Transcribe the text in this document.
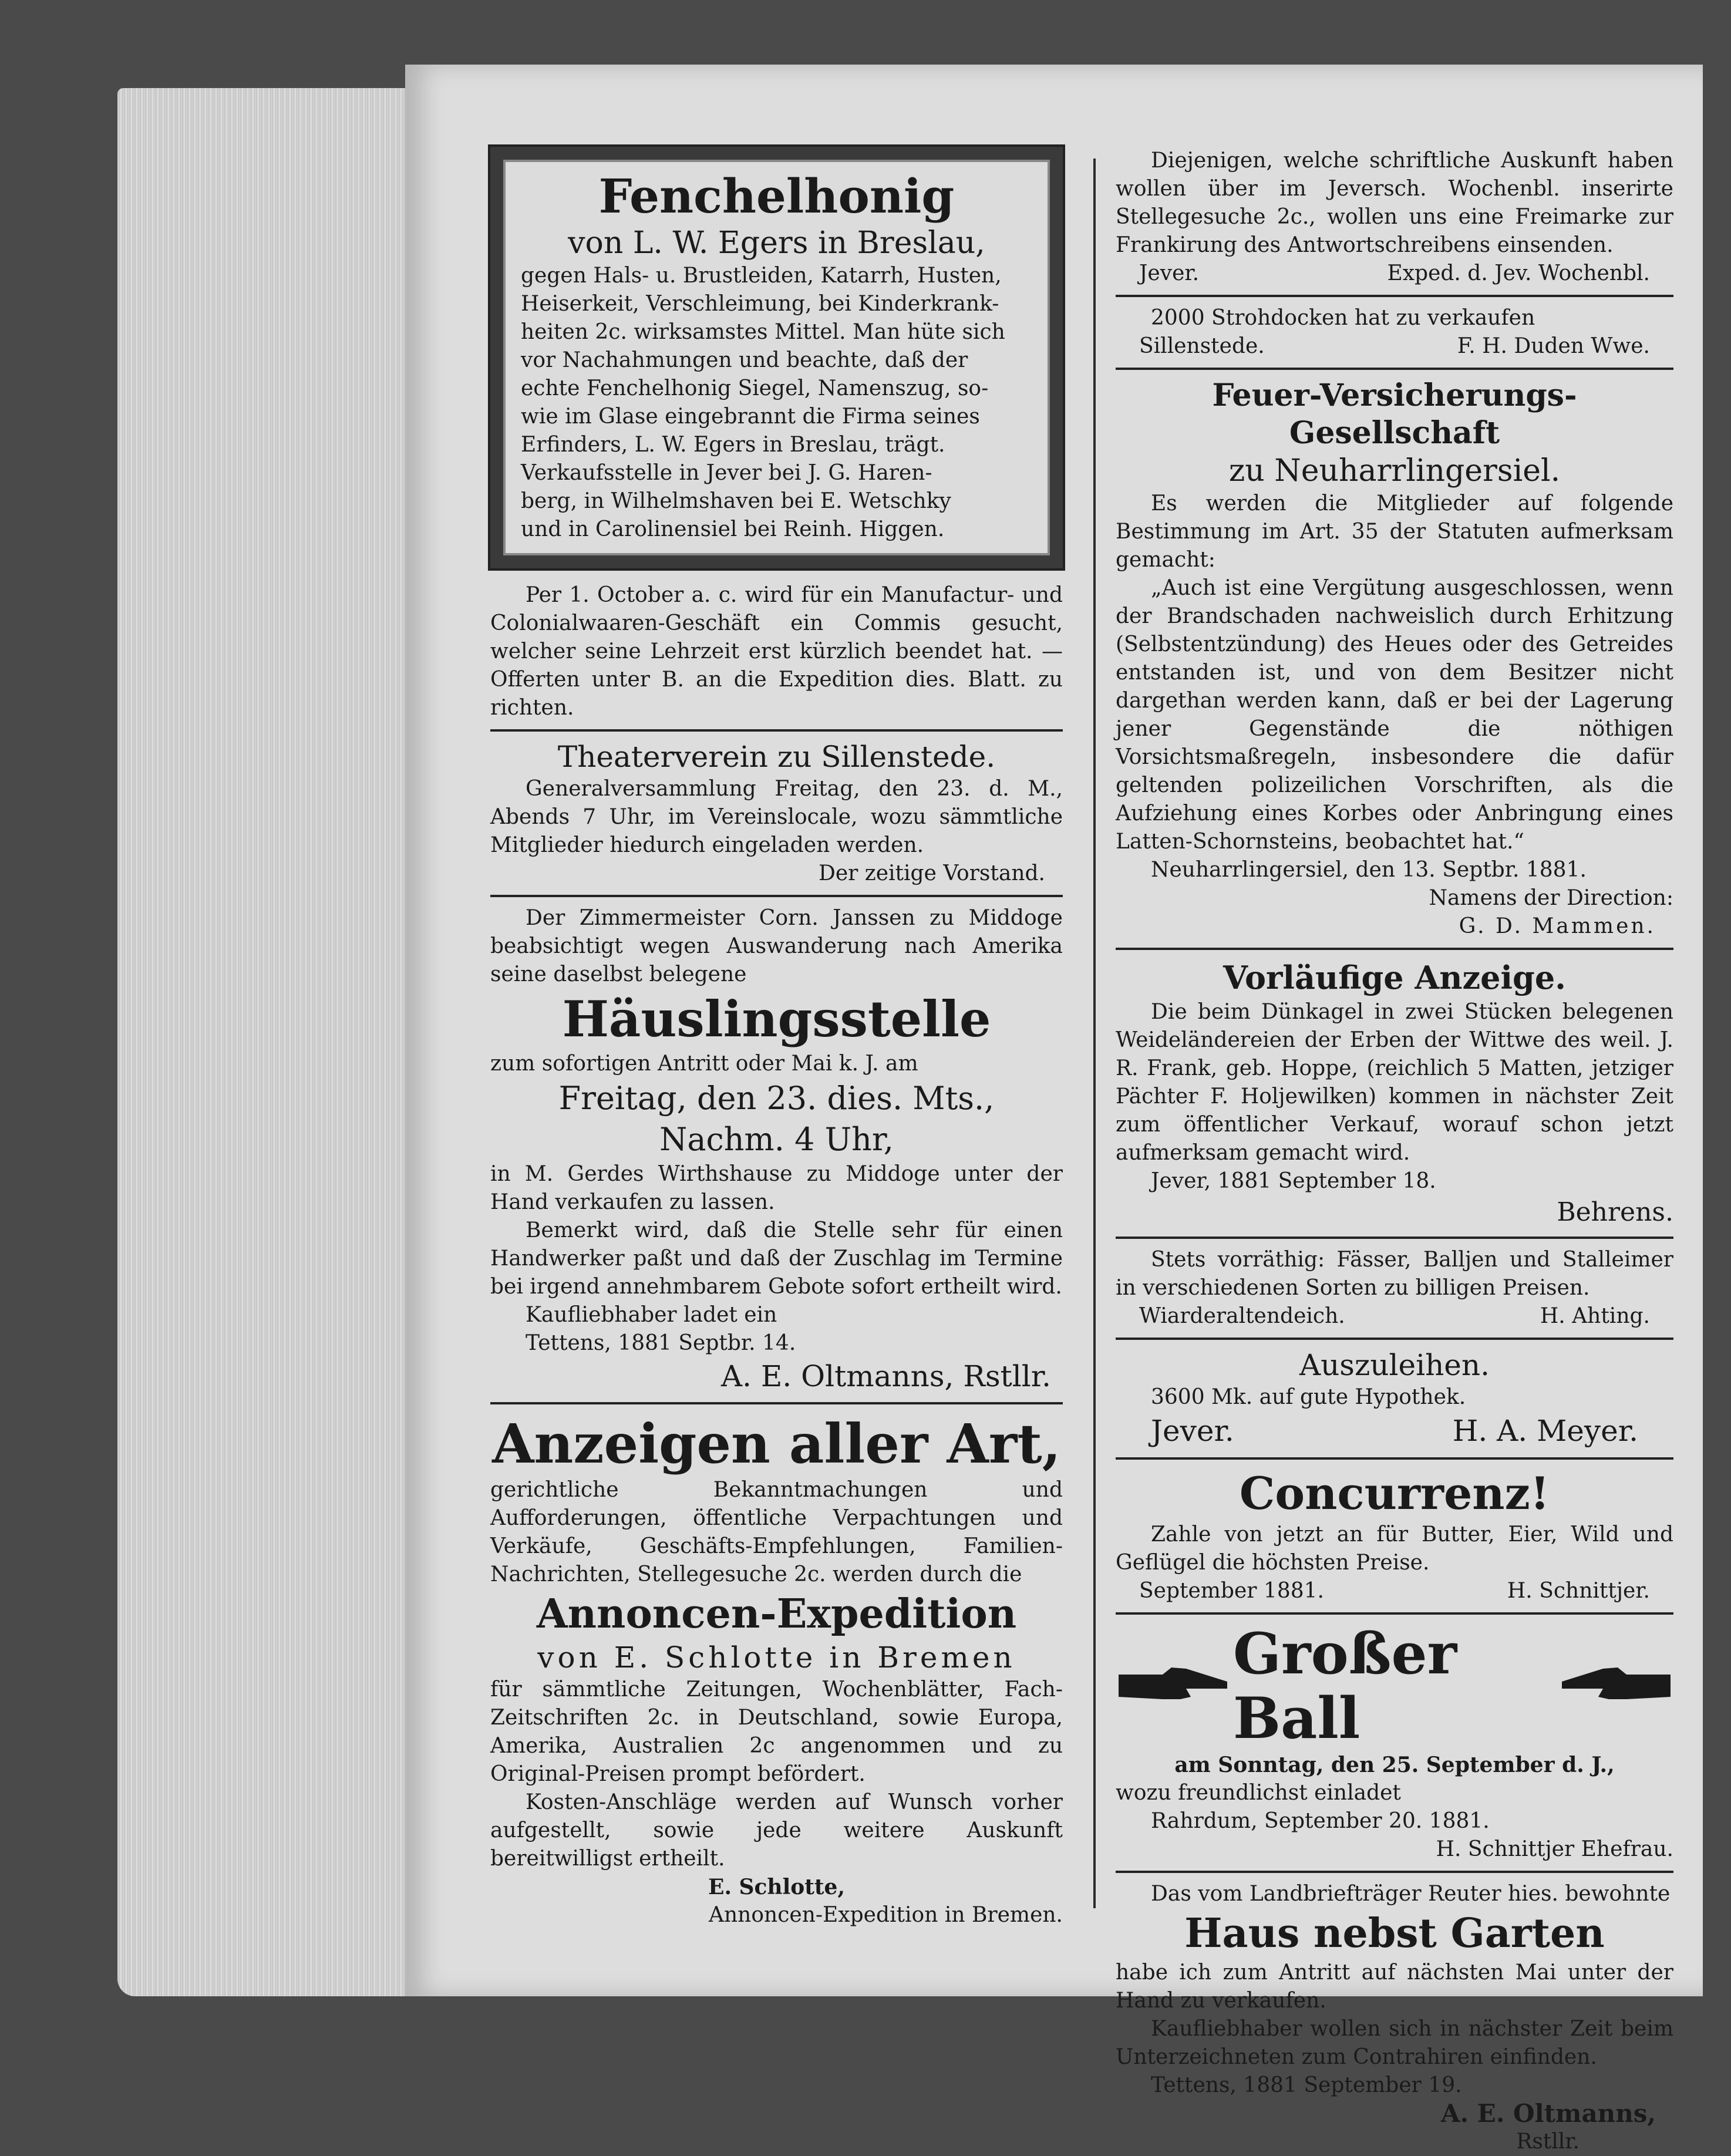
Fenchelhonig

von L. W. Egers in Breslau,

gegen Hals- u. Brustleiden, Katarrh, Husten,

Heiserkeit, Verschleimung, bei Kinderkrank-

heiten 2c. wirksamstes Mittel. Man hüte sich

vor Nachahmungen und beachte, daß der

echte Fenchelhonig Siegel, Namenszug, so-

wie im Glase eingebrannt die Firma seines

Erfinders, L. W. Egers in Breslau, trägt.

Verkaufsstelle in Jever bei J. G. Haren-

berg, in Wilhelmshaven bei E. Wetschky

und in Carolinensiel bei Reinh. Higgen.

Per 1. October a. c. wird für ein Manufactur- und Colonialwaaren-Geschäft ein Commis gesucht, welcher seine Lehrzeit erst kürzlich beendet hat. — Offerten unter B. an die Expedition dies. Blatt. zu richten.

Theaterverein zu Sillenstede.

Generalversammlung Freitag, den 23. d. M., Abends 7 Uhr, im Vereinslocale, wozu sämmtliche Mitglieder hiedurch eingeladen werden.

Der zeitige Vorstand.

Der Zimmermeister Corn. Janssen zu Middoge beabsichtigt wegen Auswanderung nach Amerika seine daselbst belegene

Häuslingsstelle

zum sofortigen Antritt oder Mai k. J. am

Freitag, den 23. dies. Mts.,

Nachm. 4 Uhr,

in M. Gerdes Wirthshause zu Middoge unter der Hand verkaufen zu lassen.

Bemerkt wird, daß die Stelle sehr für einen Handwerker paßt und daß der Zuschlag im Termine bei irgend annehmbarem Gebote sofort ertheilt wird.

Kaufliebhaber ladet ein

Tettens, 1881 Septbr. 14.

A. E. Oltmanns, Rstllr.

Anzeigen aller Art,

gerichtliche Bekanntmachungen und Aufforderungen, öffentliche Verpachtungen und Verkäufe, Geschäfts-Empfehlungen, Familien-Nachrichten, Stellegesuche 2c. werden durch die

Annoncen-Expedition

von E. Schlotte in Bremen

für sämmtliche Zeitungen, Wochenblätter, Fach-Zeitschriften 2c. in Deutschland, sowie Europa, Amerika, Australien 2c angenommen und zu Original-Preisen prompt befördert.

Kosten-Anschläge werden auf Wunsch vorher aufgestellt, sowie jede weitere Auskunft bereitwilligst ertheilt.

E. Schlotte,

Annoncen-Expedition in Bremen.

Diejenigen, welche schriftliche Auskunft haben wollen über im Jeversch. Wochenbl. inserirte Stellegesuche 2c., wollen uns eine Freimarke zur Frankirung des Antwortschreibens einsenden.

Jever.	Exped. d. Jev. Wochenbl.

2000 Strohdocken hat zu verkaufen

Sillenstede.	F. H. Duden Wwe.

Feuer-Versicherungs-Gesellschaft

zu Neuharrlingersiel.

Es werden die Mitglieder auf folgende Bestimmung im Art. 35 der Statuten aufmerksam gemacht:

„Auch ist eine Vergütung ausgeschlossen, wenn der Brandschaden nachweislich durch Erhitzung (Selbstentzündung) des Heues oder des Getreides entstanden ist, und von dem Besitzer nicht dargethan werden kann, daß er bei der Lagerung jener Gegenstände die nöthigen Vorsichtsmaßregeln, insbesondere die dafür geltenden polizeilichen Vorschriften, als die Aufziehung eines Korbes oder Anbringung eines Latten-Schornsteins, beobachtet hat.“

Neuharrlingersiel, den 13. Septbr. 1881.

Namens der Direction:

G. D. Mammen.

Vorläufige Anzeige.

Die beim Dünkagel in zwei Stücken belegenen Weideländereien der Erben der Wittwe des weil. J. R. Frank, geb. Hoppe, (reichlich 5 Matten, jetziger Pächter F. Holjewilken) kommen in nächster Zeit zum öffentlicher Verkauf, worauf schon jetzt aufmerksam gemacht wird.

Jever, 1881 September 18.

Behrens.

Stets vorräthig: Fässer, Balljen und Stalleimer in verschiedenen Sorten zu billigen Preisen.

Wiarderaltendeich.	H. Ahting.

Auszuleihen.

3600 Mk. auf gute Hypothek.

Jever.	H. A. Meyer.

Concurrenz!

Zahle von jetzt an für Butter, Eier, Wild und Geflügel die höchsten Preise.

September 1881.	H. Schnittjer.
Großer Ball

am Sonntag, den 25. September d. J.,

wozu freundlichst einladet

Rahrdum, September 20. 1881.

H. Schnittjer Ehefrau.

Das vom Landbriefträger Reuter hies. bewohnte

Haus nebst Garten

habe ich zum Antritt auf nächsten Mai unter der Hand zu verkaufen.

Kaufliebhaber wollen sich in nächster Zeit beim Unterzeichneten zum Contrahiren einfinden.

Tettens, 1881 September 19.

A. E. Oltmanns,

Rstllr.
